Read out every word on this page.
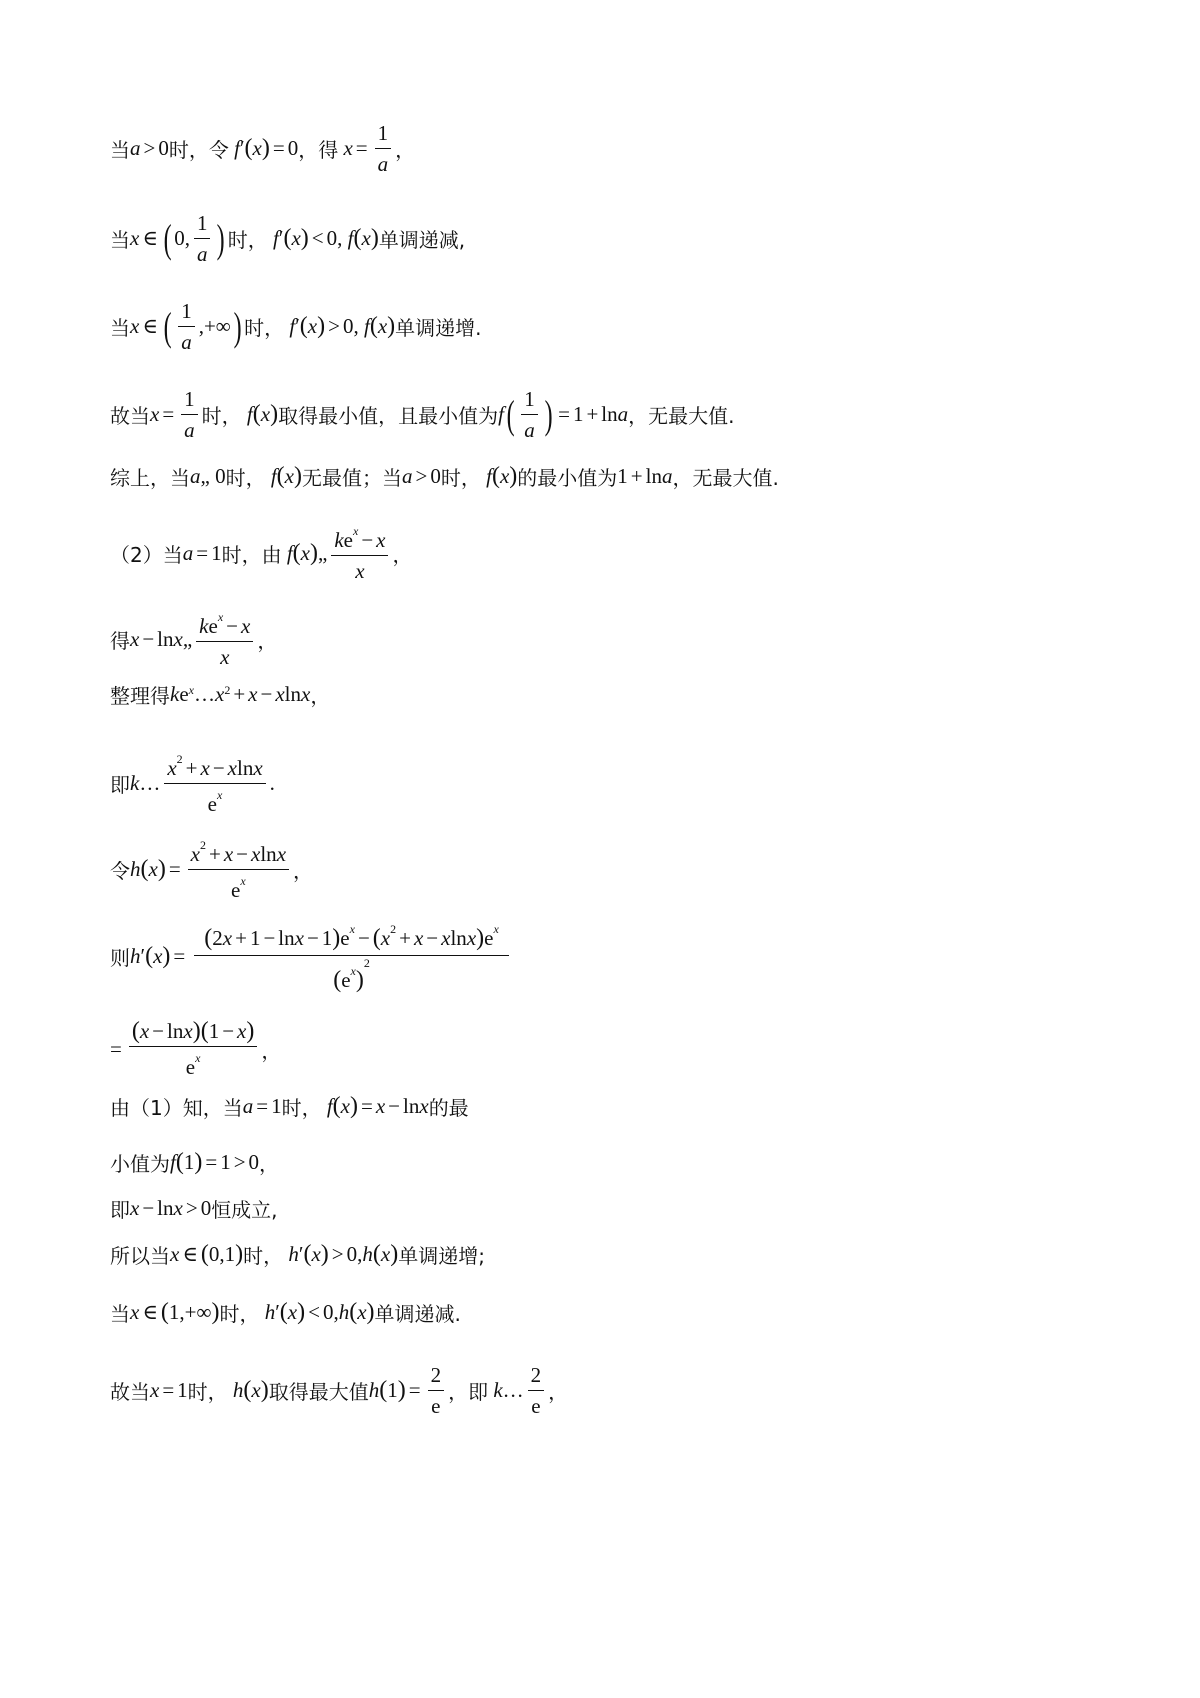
当 a > 0 时， 令 f ′ ( x ) = 0 ， 得 $x = \frac{1}{a}$ ，
当 x ∈ ( 0, $\frac{1}{a}$ ) 时， f ′ ( x ) < 0, f ( x ) 单调递减,
当 x ∈ ( $\frac{1}{a}$ ,+∞ ) 时， f ′ ( x ) > 0, f ( x ) 单调递增.
故当 $x = \frac{1}{a}$ 时， f ( x ) 取得最小值，且最小值为 f ( $\frac{1}{a}$ ) = 1 + ln a ，无最大值.
综上，当 a „ 0 时， f ( x ) 无最值；当 a > 0 时， f ( x ) 的最小值为 1 + ln a ，无最大值.
（2）当 a = 1 时， 由 f ( x ) „ $\frac{ke^x - x}{x}$ ，
得 x − ln x „ $\frac{ke^x - x}{x}$ ，
整理得 k $e^x$ … $x^2 + x - x$ ln x ，
即 k … $\frac{x^2 + x - xlnx}{e^x}$ .
令 h ( x ) = $\frac{x^2 + x - xlnx}{e^x}$ ，
则 h ′ ( x ) = $\frac{(2x + 1 - \ln x - 1)e^x - (x^2 + x - xlnx)e^x}{(e^x)^2}$
= $\frac{(x - \ln x)(1 - x)}{e^x}$ ，
由（1）知，当 a = 1 时， f ( x ) = x − ln x 的最
小值为 f ( 1 ) = 1 > 0 ，
即 x − ln x > 0 恒成立,
所以当 x ∈ ( 0,1 ) 时， h ′ ( x ) > 0, h ( x ) 单调递增;
当 x ∈ ( 1,+∞ ) 时， h ′ ( x ) < 0, h ( x ) 单调递减.
故当 x = 1 时， h ( x ) 取得最大值 h ( 1 ) = $\frac{2}{e}$ ，即 k … $\frac{2}{e}$ ，
当a > 0时，令f′(x) = 0，得x = 1/a，当x ∈ (0, 1/a)时，f′(x) < 0, f(x)单调递减,当x ∈ (1/a, +∞)时，f′(x) > 0, f(x)单调递增. 故当x = 1/a时，f(x)取得最小值，且最小值为f(1/a) = 1 + lna，无最大值.综上，当a„ 0时，f(x)无最值；当a > 0时，f(x)的最小值为1 + lna，无最大值.（2）当a = 1时，由f(x)„ (ke^x − x)/x， 得x − lnx„ (ke^x − x)/x，整理得ke^x… x^2 + x − xlnx，即k… (x^2 + x − xlnx)/e^x. 令h(x) = (x^2 + x − xlnx)/e^x，则h′(x) = [(2x + 1 − lnx − 1)e^x − (x^2 + x − xlnx)e^x]/(e^x)^2= (x − lnx)(1 − x)/e^x， 由（1）知，当a = 1时，f(x) = x − lnx的最小值为f(1) = 1 > 0，即x − lnx > 0恒成立， 所以当x ∈ (0,1)时，h′(x) > 0, h(x)单调递增；当x ∈ (1, +∞)时，h′(x) < 0, h(x)单调递减.故当x = 1时，h(x)取得最大值h(1) = 2/e，即k… 2/e，
